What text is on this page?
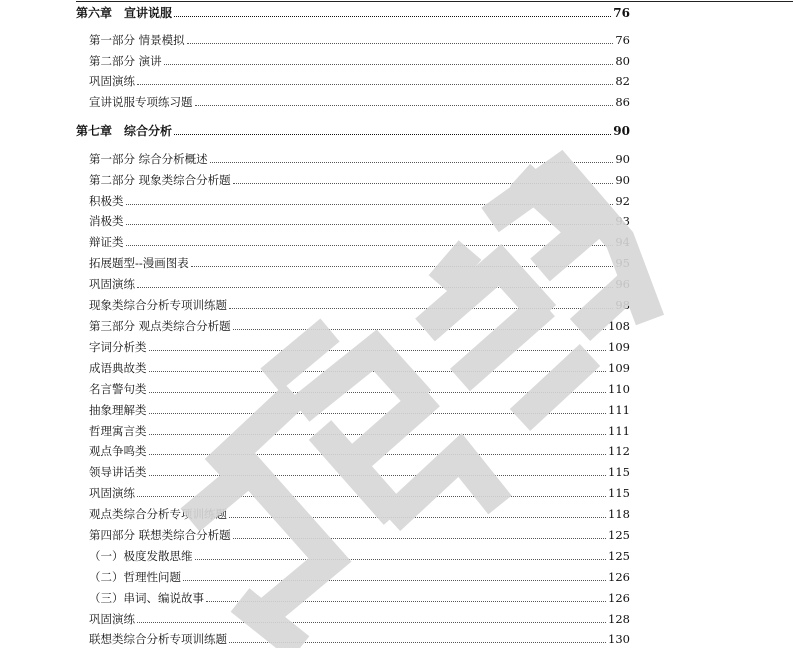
第六章　宣讲说服	76
第一部分 情景模拟	76
第二部分 演讲	80
巩固演练	82
宣讲说服专项练习题	86
第七章　综合分析	90
第一部分 综合分析概述	90
第二部分 现象类综合分析题	90
积极类	92
消极类	93
辩证类	94
拓展题型--漫画图表	95
巩固演练	96
现象类综合分析专项训练题	98
第三部分 观点类综合分析题	108
字词分析类	109
成语典故类	109
名言警句类	110
抽象理解类	111
哲理寓言类	111
观点争鸣类	112
领导讲话类	115
巩固演练	115
观点类综合分析专项训练题	118
第四部分 联想类综合分析题	125
（一）极度发散思维	125
（二）哲理性问题	126
（三）串词、编说故事	126
巩固演练	128
联想类综合分析专项训练题	130
